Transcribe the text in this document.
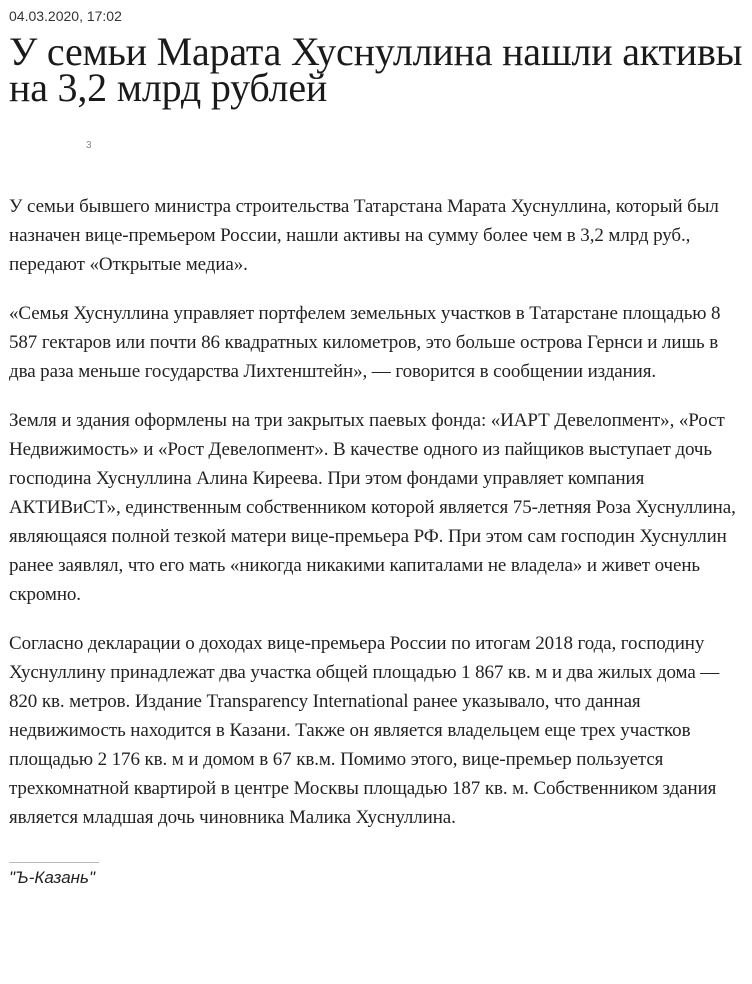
04.03.2020, 17:02
У семьи Марата Хуснуллина нашли активы на 3,2 млрд рублей
3

У семьи бывшего министра строительства Татарстана Марата Хуснуллина, который был назначен вице-премьером России, нашли активы на сумму более чем в 3,2 млрд руб., передают «Открытые медиа».

«Семья Хуснуллина управляет портфелем земельных участков в Татарстане площадью 8 587 гектаров или почти 86 квадратных километров, это больше острова Гернси и лишь в два раза меньше государства Лихтенштейн», — говорится в сообщении издания.

Земля и здания оформлены на три закрытых паевых фонда: «ИАРТ Девелопмент», «Рост Недвижимость» и «Рост Девелопмент». В качестве одного из пайщиков выступает дочь господина Хуснуллина Алина Киреева. При этом фондами управляет компания АКТИВиСТ», единственным собственником которой является 75-летняя Роза Хуснуллина, являющаяся полной тезкой матери вице-премьера РФ. При этом сам господин Хуснуллин ранее заявлял, что его мать «никогда никакими капиталами не владела» и живет очень скромно.

Согласно декларации о доходах вице-премьера России по итогам 2018 года, господину Хуснуллину принадлежат два участка общей площадью 1 867 кв. м и два жилых дома — 820 кв. метров. Издание Transparency International ранее указывало, что данная недвижимость находится в Казани. Также он является владельцем еще трех участков площадью 2 176 кв. м и домом в 67 кв.м. Помимо этого, вице-премьер пользуется трехкомнатной квартирой в центре Москвы площадью 187 кв. м. Собственником здания является младшая дочь чиновника Малика Хуснуллина.

"Ъ-Казань"
